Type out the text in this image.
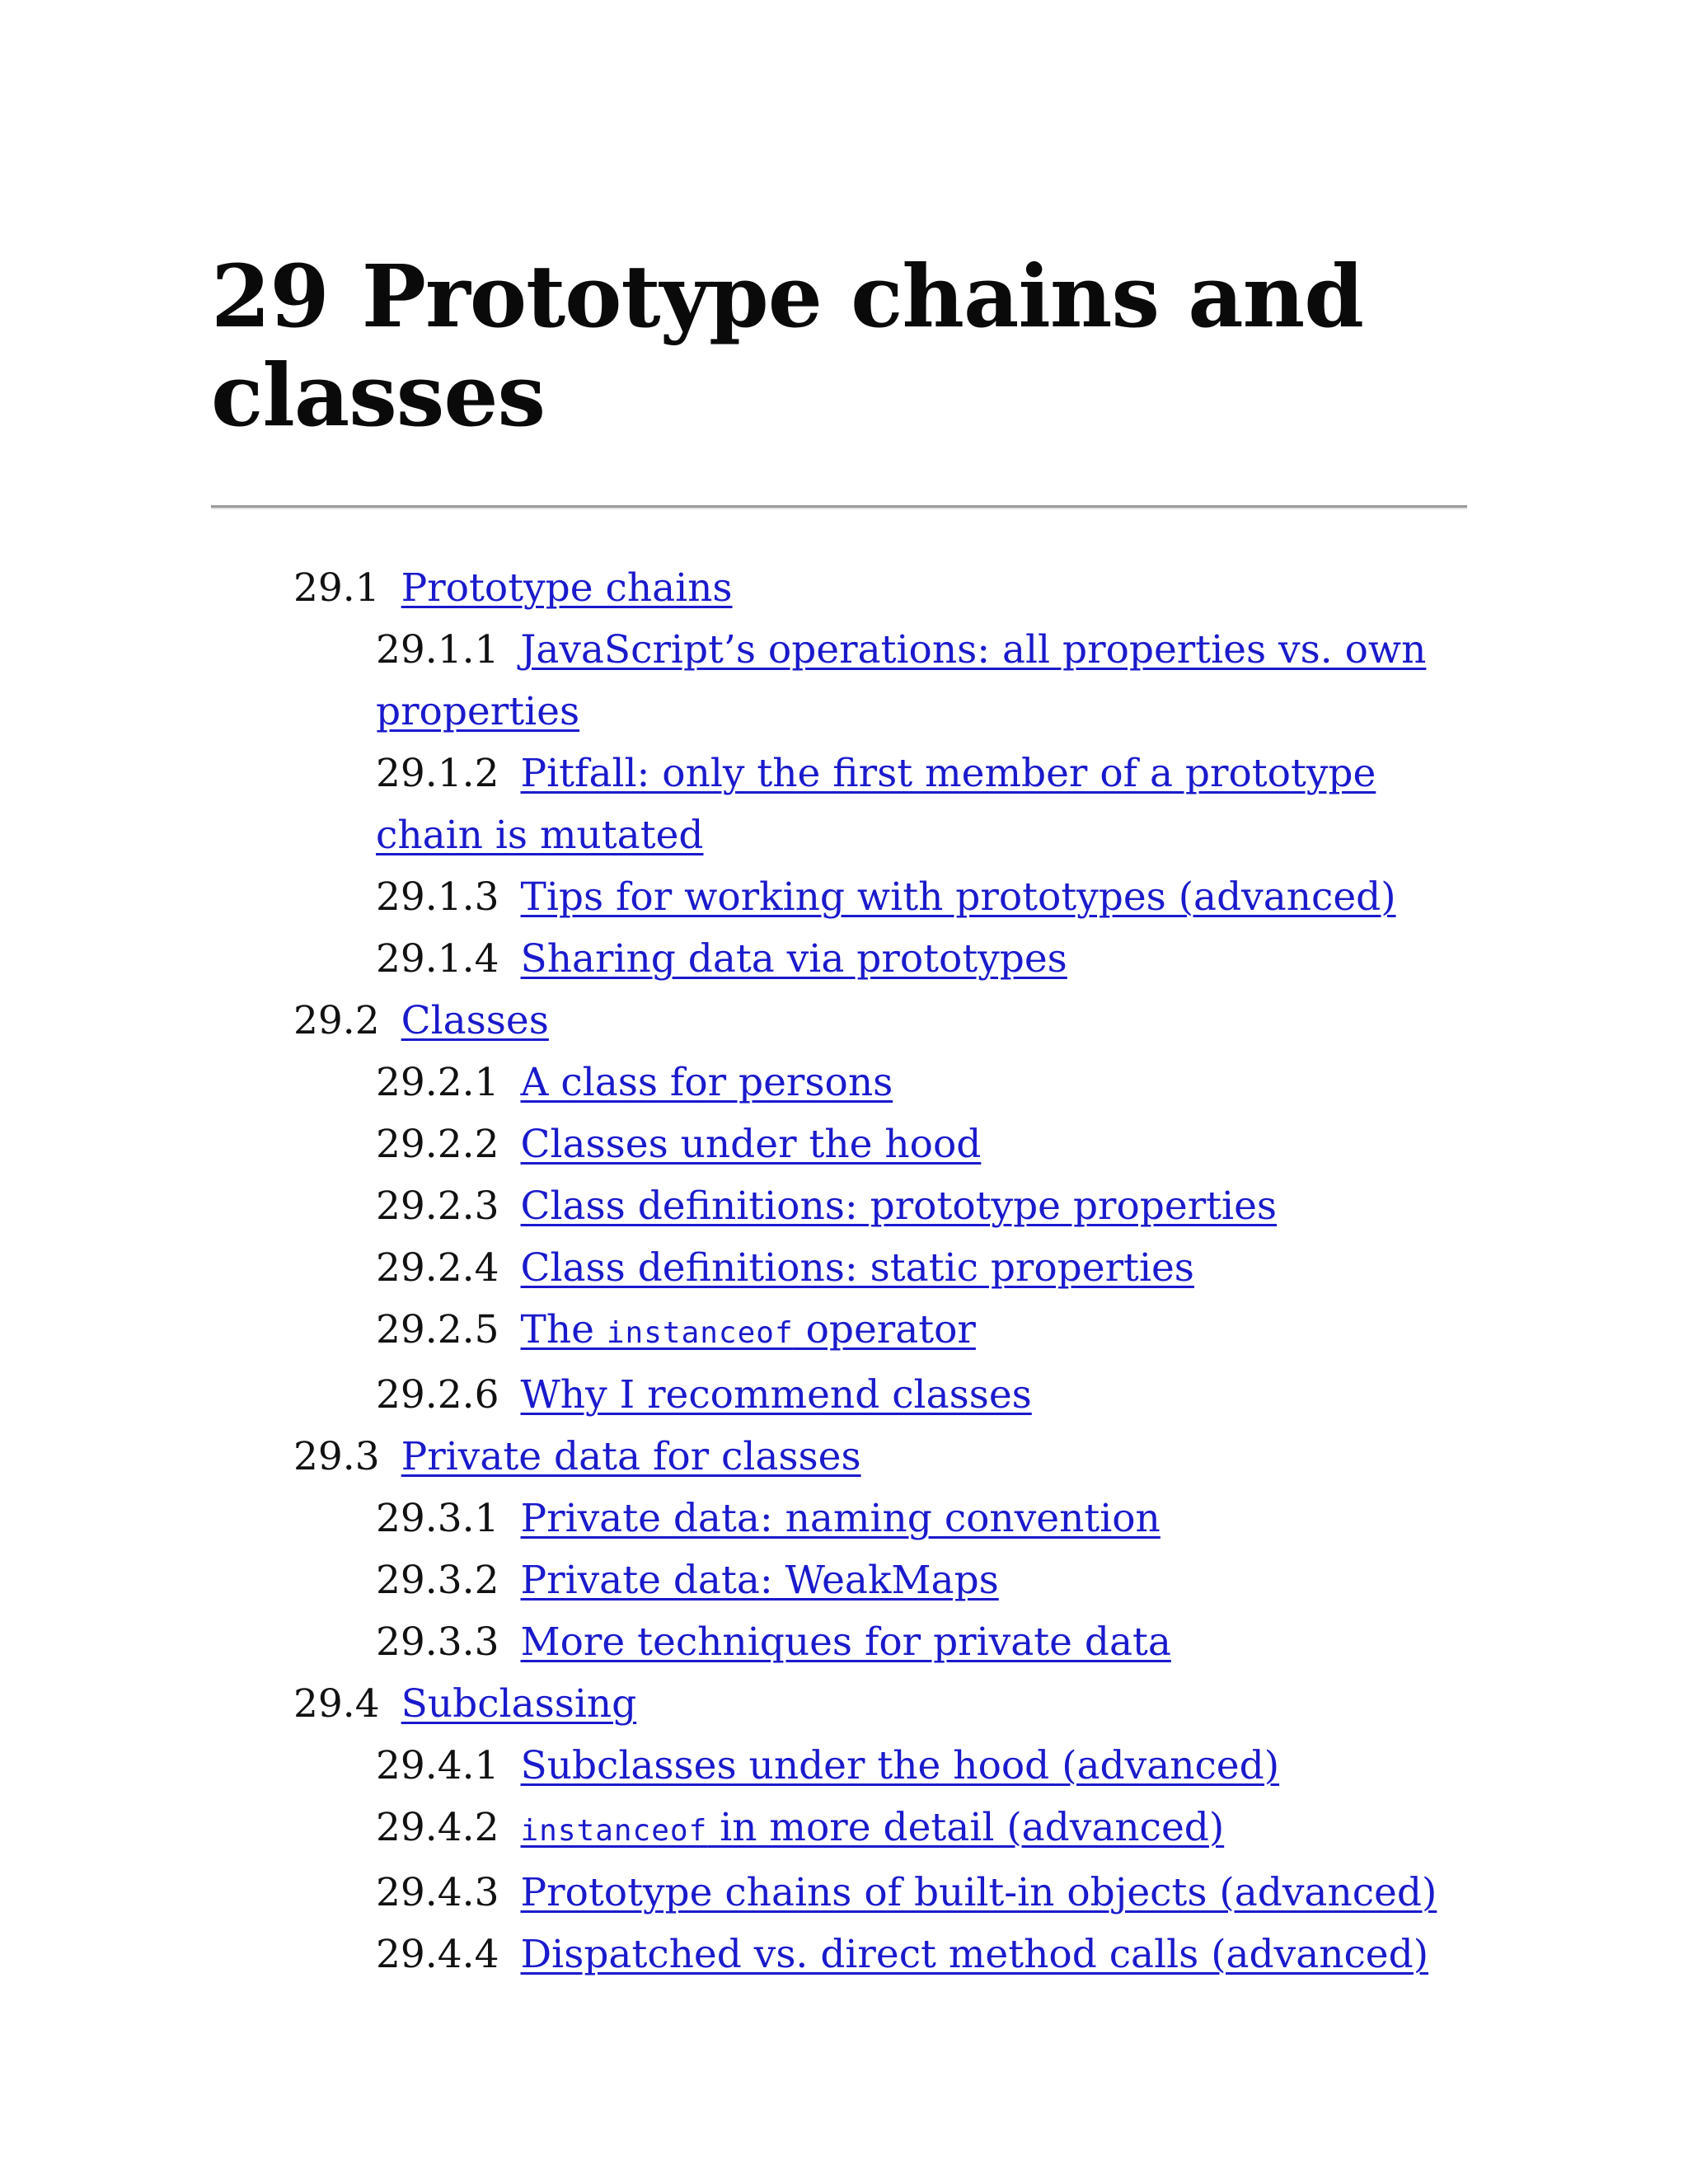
29 Prototype chains and classes
29.1 Prototype chains
29.1.1 JavaScript’s operations: all properties vs. own properties
29.1.2 Pitfall: only the first member of a prototype chain is mutated
29.1.3 Tips for working with prototypes (advanced)
29.1.4 Sharing data via prototypes
29.2 Classes
29.2.1 A class for persons
29.2.2 Classes under the hood
29.2.3 Class definitions: prototype properties
29.2.4 Class definitions: static properties
29.2.5 The instanceof operator
29.2.6 Why I recommend classes
29.3 Private data for classes
29.3.1 Private data: naming convention
29.3.2 Private data: WeakMaps
29.3.3 More techniques for private data
29.4 Subclassing
29.4.1 Subclasses under the hood (advanced)
29.4.2 instanceof in more detail (advanced)
29.4.3 Prototype chains of built-in objects (advanced)
29.4.4 Dispatched vs. direct method calls (advanced)
